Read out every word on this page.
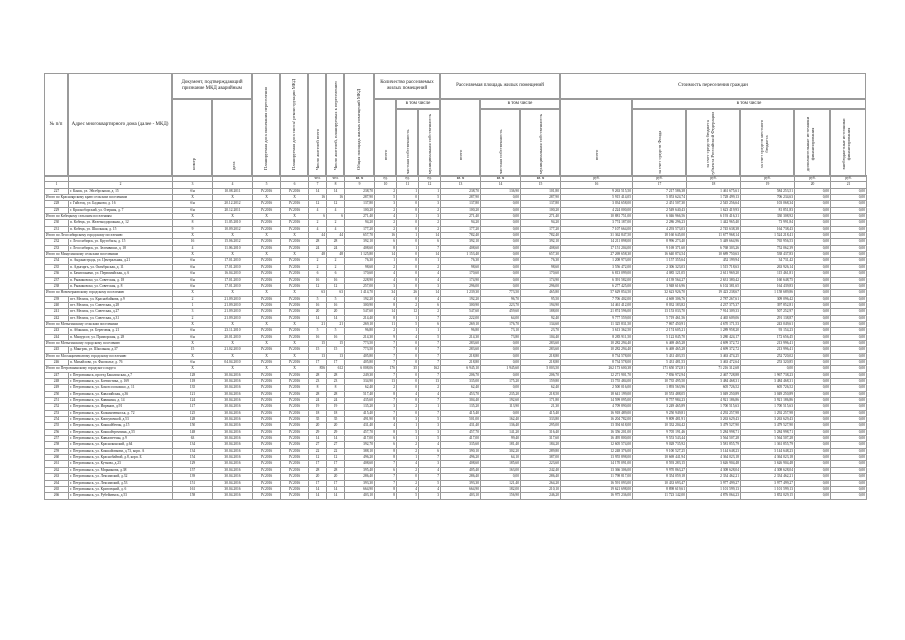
№ п/п Адрес многоквартирного дома (далее - МКД)
Документ, подтверждающий признание МКД аварийным
номер	дата	Планируемая дата окончания переселения	Планируемая дата сноса/ реконструкции МКД	Число жителей всего	Число жителей, планируемых к переселению	Общая площадь жилых помещений МКД
Количество расселяемых жилых помещений
всего
в том числе
частная собственность	муниципальная собственность
Расселяемая площадь жилых помещений
всего
в том числе
частная собственность	муниципальная собственность
Стоимость переселения граждан
всего
в том числе
за счет средств Фонда	за счет средств бюджета субъекта Российской Федерации	за счет средств местного бюджета	дополнительные источники финансирования	внебюджетные источники финансирования

						чел.	чел.	кв. м	ед.	ед.	ед.	кв. м	кв. м	кв. м	руб.	руб.	руб.	руб.	руб.	руб.
1	2	3	4	5	6	7	8	9	10	11	12	13	14	15	16	17	18	19	20	21
227	г. Канск, ул. Эйсебрсыпаи, д. 15	б/н	10.08.2011	IV.2016	IV.2016	14	14	238,70	2	1	1	238,70	136,90	101,80	9 263 515,50	7 217 586,38	1 461 675,61	584 253,51	0,00	0,00
Итого по Красноярскому краю сельским поселениям		X	X	X	X	16	16	287,90	5	0	5	287,90	0,00	287,90	5 915 414,05	5 053 624,74	1 728 499,13	706 234,63	0,00	0,00
228	г. Гайстоц, ул. Баданово, д. 16	б/н	20.12.2012	IV.2016	IV.2016	12	12	137,80	3	0	3	137,80	0,00	137,80	3 034 658,00	2 451 507,30	2 545 256,64	103 068,34	0,00	0,00
229	г. Красноборский, ул. Озерная, д. 7	б/н	20.12.2011	IV.2016	IV.2016	4	4	100,20	2	0	2	100,20	0,00	100,20	4 224 000,00	2 549 640,43	1 623 419,93	81 851,83	0,00	0,00
Итого по Кобецкому сельским поселениям		X	X	X	X	6	6	271,40	4	1	3	271,40	0,00	271,40	10 881 751,00	6 046 966,56	6 193 416,31	330 308,92	0,00	0,00
230	п. Кобецк, ул. Железнодорожная, д. 12	8	11.05.2010	IV.2016	IV.2016	2	2	94,20	2	0	2	94,20	0,00	94,20	3 774 187,00	2 286 296,23	1 442 965,40	73 991,84	0,00	0,00
231	п. Кобецк, ул. Школьная, д. 15	9	10.09.2012	IV.2016	IV.2016	4	4	177,20	2	0	2	177,20	0,00	177,20	7 107 664,00	4 293 573,03	2 745 638,38	164 738,43	0,00	0,00
Итого по Лесосибирскому городскому поселению		X	X	X	X	44	44	657,70	16	1	14	782,40	0,00	782,40	31 362 847,50	18 160 645,00	11 677 968,14	1 524 218,41	0,00	0,00
232	г. Лесосибирск, ул. Кругобасы, д. 15	16	15.06.2012	IV.2016	IV.2016	28	28	392,10	6	0	6	392,10	0,00	392,10	14 211 898,00	8 996 273,40	5 449 664,96	765 956,53	0,00	0,00
233	г. Лесосибирск, ул. Зеленвиши, д. 18	4	11.06.2010	IV.2016	IV.2016	24	24	408,60	8	1	7	408,60	0,00	408,60	17 151 204,00	9 169 371,60	6 768 303,26	752 062,39	0,00	0,00
Итого по Минусинскому сельским поселениям		X	X	X	X	48	48	1 125,80	14	0	14	1 153,40	0,00	657,30	27 269 658,30	16 640 874,54	10 689 750,63	538 437,83	0,00	0,00
234	п. Анданастрадь, ул. Центральная, д.21	б/н	17.01.2010	IV.2016	IV.2016	2	2	76,30	1	0	1	76,30	0,00	76,30	1 208 973,00	1 157 355,64	452 199,94	34 731,42	0,00	0,00
235	п. Адыгаргь, ул. Октябрьская, д. 11	б/н	17.01.2010	IV.2016	IV.2016	2	2	98,60	2	0	2	98,60	0,00	98,60	3 556 472,00	2 306 323,03	1 515 718,63	263 926,14	0,00	0,00
236	п. Бачигланамо, ул. Первомайская, д. 6	б/н	16.04.2010	IV.2016	IV.2016	6	6	170,60	4	0	4	170,60	0,00	170,60	6 813 099,00	4 085 121,05	2 611 969,20	115 461,81	0,00	0,00
237	п. Рыжиковско, ул. Советская, д. 18	б/н	17.01.2010	IV.2016	IV.2016	16	16	228,90	4	0	4	174,90	0,00	174,90	6 391 582,00	4 139 564,27	2 631 380,42	160 648,75	0,00	0,00
238	п. Рыжиковско, ул. Советская, д. 8	б/н	17.01.2010	IV.2016	IV.2016	12	12	257,00	3	0	3	296,00	0,00	296,00	6 277 425,00	3 948 616,96	6 102 381,65	164 439,83	0,00	0,00
Итого по Новочерновскому городскому поселению		X	X	X	X	63	63	1 414,70	34	26	14	1 239,30	773,50	465,80	57 629 854,50	32 623 926,70	19 423 238,67	1 158 689,86	0,00	0,00
239	пгт. Мелиск, ул. Краснобайкова, д.9	2	21.09.2010	IV.2016	IV.2016	5	5	192,20	4	0	4	192,20	96,70	95,50	7 706 402,00	4 669 306,76	2 787 267,61	309 096,42	0,00	0,00
240	пгт. Мелиск, ул. Советская, д.28	1	21.09.2010	IV.2016	IV.2016	16	16	300,90	8	2	6	300,90	223,70	194,90	14 461 412,00	8 032 183,82	4 237 375,37	397 852,81	0,00	0,00
241	пгт. Мелиск, ул. Советская, д.27	3	21.09.2010	IV.2016	IV.2016	20	20	547,60	14	12	2	547,60	459,60	188,00	21 874 596,00	13 153 033,70	7 914 309,33	507 252,97	0,00	0,00
242	пгт. Мелиск, ул. Советская, д.31	2	21.09.2010	IV.2016	IV.2016	14	14	214,40	8	1	7	222,00	64,00	92,40	9 777 559,00	5 719 461,56	4 465 609,06	291 138,87	0,00	0,00
Итого по Мотыгинскому сельским поселениям		X	X	X	X	21	21	269,10	11	5	6	269,10	176,70	134,60	11 325 831,50	7 867 450,91	4 670 171,53	243 049,61	0,00	0,00
243	п. Абаканск, ул. Береговая, д. 21	б/н	23.11.2010	IV.2016	IV.2016	5	5	96,80	2	1	1	96,80	73,10	23,70	3 613 362,50	2 174 605,21	1 289 958,20	93 154,23	0,00	0,00
244	п. Мамурсое, ул. Приморская, д. 28	б/н	20.01.2010	IV.2016	IV.2016	16	16	214,30	9	4	5	214,30	73,80	104,40	8 283 911,50	5 122 845,70	3 280 424,17	172 656,45	0,00	0,00
Итого по Мотыгинскому городскому поселению		X	X	X	X	15	15	773,50	7	0	7	283,60	0,00	283,60	10 282 294,40	6 469 465,28	4 699 372,72	213 996,41	0,00	0,00
245	д. Мангрэк, ул. Школьная, д.37	15	21.02.2010	IV.2016	IV.2016	15	15	773,50	7	0	7	283,60	0,00	283,60	10 282 294,40	6 469 465,28	4 699 372,72	213 996,41	0,00	0,00
Итого по Мосхацкемвсатому городскому поселению		X	X	X	X	13	13	405,80	7	0	7	218,80	0,00	218,80	8 734 578,00	5 431 403,55	3 463 474,25	252 720,02	0,00	0,00
246	п. Михайлово, ул. Фнополье, д. 76	б/н	04.04.2010	IV.2016	IV.2016	17	17	405,80	7	0	7	218,80	0,00	218,80	8 734 578,00	5 431 481,53	3 463 472,64	253 320,85	0,00	0,00
Итого по Петровшанскому городского округа		X	X	X	X	856	612	6 008,06	176	35	162	6 945,10	1 945,60	5 003,50	262 173 600,38	171 650 372,81	71 216 312,68	0,00	0,00	0,00
247	г. Петровшанск, проезд Бакалонская, д.7	128	30.04.2016	IV.2016	IV.2016	28	28	249,30	7	0	7	206,70	0,00	206,70	12 271 901,70	7 836 972,94	2 467 728,88	1 967 738,23	0,00	0,00
248	г. Петровшанск, ул. Боевистика, д. 169	118	30.04.2016	IV.2016	IV.2016	23	23	334,90	13	0	13	335,00	175,20	159,80	13 755 484,00	10 735 495,50	3 484 468,31	3 484 468,31	0,00	0,00
249	г. Петровшанск, ул. Бокозсосокошко, д. 11	135	30.04.2016	IV.2016	IV.2016	8	8	62,40	2	0	2	62,40	0,00	62,40	2 500 016,00	1 893 563,96	605 726,52	605 726,52	0,00	0,00
250	г. Петровшанск, ул. Кавалийская, д.36	121	30.04.2016	IV.2016	IV.2016	28	28	517,40	8	4	4	453,70	235,20	218,50	18 641 199,00	10 553 488,05	3 049 250,89	3 049 250,89	0,00	0,00
251	г. Петровшанск, ул. Кавинина, д. 14	124	30.04.2016	IV.2016	IV.2016	24	24	435,60	7	0	7	304,40	192,60	171,80	14 599 095,00	8 757 984,23	4 921 186,86	3 921 186,86	0,00	0,00
252	г. Петровшанск, ул. Ипрвнов, д.91	117	30.04.2016	IV.2016	IV.2016	19	19	135,20	3	2	1	135,20	113,90	21,30	4 709 890,00	3 249 465,89	1 700 515,63	1 700 515,63	0,00	0,00
253	г. Петровшанск, ул. Колкинчевкоськ, д. 72	125	30.04.2016	IV.2016	IV.2016	18	18	415,40	7	0	7	415,40	0,00	415,40	16 918 489,00	9 250 949,81	4 292 257,98	1 292 257,98	0,00	0,00
254	г. Петровшанск, ул. Комсувочкой, д.53	128	30.04.2016	IV.2016	IV.2016	35	35	491,90	8	3	5	501,00	162,40	333,80	16 204 782,00	9 809 481,91	3 263 629,43	3 263 629,43	0,00	0,00
255	г. Петровшанск, ул. Кокшайбегин, д.15	150	30.04.2016	IV.2016	IV.2016	20	20	431,40	4	1	3	431,40	136,40	295,00	13 394 618,00	10 332 204,42	3 479 527,90	3 479 527,90	0,00	0,00
256	г. Петровшанск, ул. Кокшайтрентинк, д.55	148	30.04.2016	IV.2016	IV.2016	29	29	457,70	8	5	3	457,70	141,20	316,40	16 356 201,00	9 705 191,46	5 284 998,71	5 284 998,71	0,00	0,00
257	г. Петровшанск, ул. Кавысветчан, д.9	63	30.04.2016	IV.2016	IV.2016	14	14	417,00	6	1	5	417,00	99,40	317,60	16 495 800,00	9 553 543,44	3 564 507,28	1 564 507,28	0,00	0,00
258	г. Петровшанск, ул. Красноконский, д.64	134	30.04.2016	IV.2016	IV.2016	27	27	392,70	6	2	4	335,60	181,40	184,20	12 605 574,00	9 028 735,92	3 581 855,79	1 361 855,79	0,00	0,00
259	г. Петровшанск, ул. Кокшайсвкови, д.73, корп. А	134	30.04.2016	IV.2016	IV.2016	22	22	388,10	8	2	6	390,10	302,20	289,80	12 248 376,00	9 100 527,25	3 144 648,23	3 144 648,23	0,00	0,00
260	г. Петровшанск, ул. Краснобайвой, д.8, корп. Б	154	30.04.2016	IV.2016	IV.2016	12	12	496,20	8	1	7	496,20	64,10	387,00	13 955 898,00	10 669 441,94	4 364 023,18	4 364 023,18	0,00	0,00
261	г. Петровшанск, ул. Куткова, д.23	129	30.04.2016	IV.2016	IV.2016	17	17	408,60	7	4	3	408,60	185,60	223,60	14 170 091,00	8 593 283,15	3 626 904,48	3 626 904,48	0,00	0,00
262	г. Петровшанск, ул. Мпрнинова, д.38	157	30.04.2016	IV.2016	IV.2016	28	28	395,40	6	2	4	405,40	163,00	242,40	13 366 306,00	9 970 863,27	4 308 628,04	4 308 628,04	0,00	0,00
263	г. Петровшанск, ул. Лексимский, д.32	139	30.04.2016	IV.2016	IV.2016	20	20	286,40	7	0	7	286,40	0,00	286,40	11 798 817,00	8 354 059,18	2 334 462,21	2 334 462,21	0,00	0,00
264	г. Петровшанск, ул. Лексимский, д.53	151	30.04.2016	IV.2016	IV.2016	17	17	393,30	7	2	5	393,30	121,40	264,20	16 591 093,00	10 433 693,47	3 977 499,27	3 977 499,27	0,00	0,00
265	г. Петровшанск, ул. Кригоецкий, д. 6	161	30.04.2016	IV.2016	IV.2016	14	14	664,90	8	4	4	664,90	182,00	210,10	19 621 698,00	8 898 619,61	1 101 599,13	1 101 599,13	0,00	0,00
266	г. Петровшанск, ул. Рубейменск, д.53	158	30.04.2016	IV.2016	IV.2016	14	14	403,10	8	5	3	403,10	156,90	246,20	16 975 236,00	11 723 142,00	4 876 064,23	3 852 029,15	0,00	0,00
